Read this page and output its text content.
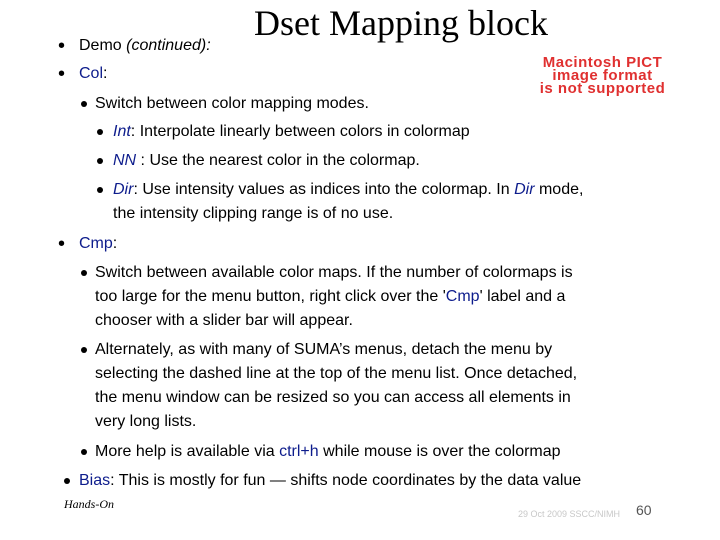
Dset Mapping block
Macintosh PICT
image format
is not supported
• Demo (continued):
• Col:
Switch between color mapping modes.
Int: Interpolate linearly between colors in colormap
NN : Use the nearest color in the colormap.
Dir: Use intensity values as indices into the colormap. In Dir mode,
the intensity clipping range is of no use.
• Cmp:
Switch between available color maps. If the number of colormaps is
too large for the menu button, right click over the 'Cmp' label and a
chooser with a slider bar will appear.
Alternately, as with many of SUMA’s menus, detach the menu by
selecting the dashed line at the top of the menu list. Once detached,
the menu window can be resized so you can access all elements in
very long lists.
More help is available via ctrl+h while mouse is over the colormap
Bias: This is mostly for fun — shifts node coordinates by the data value
Hands-On
29 Oct 2009 SSCC/NIMH 60
